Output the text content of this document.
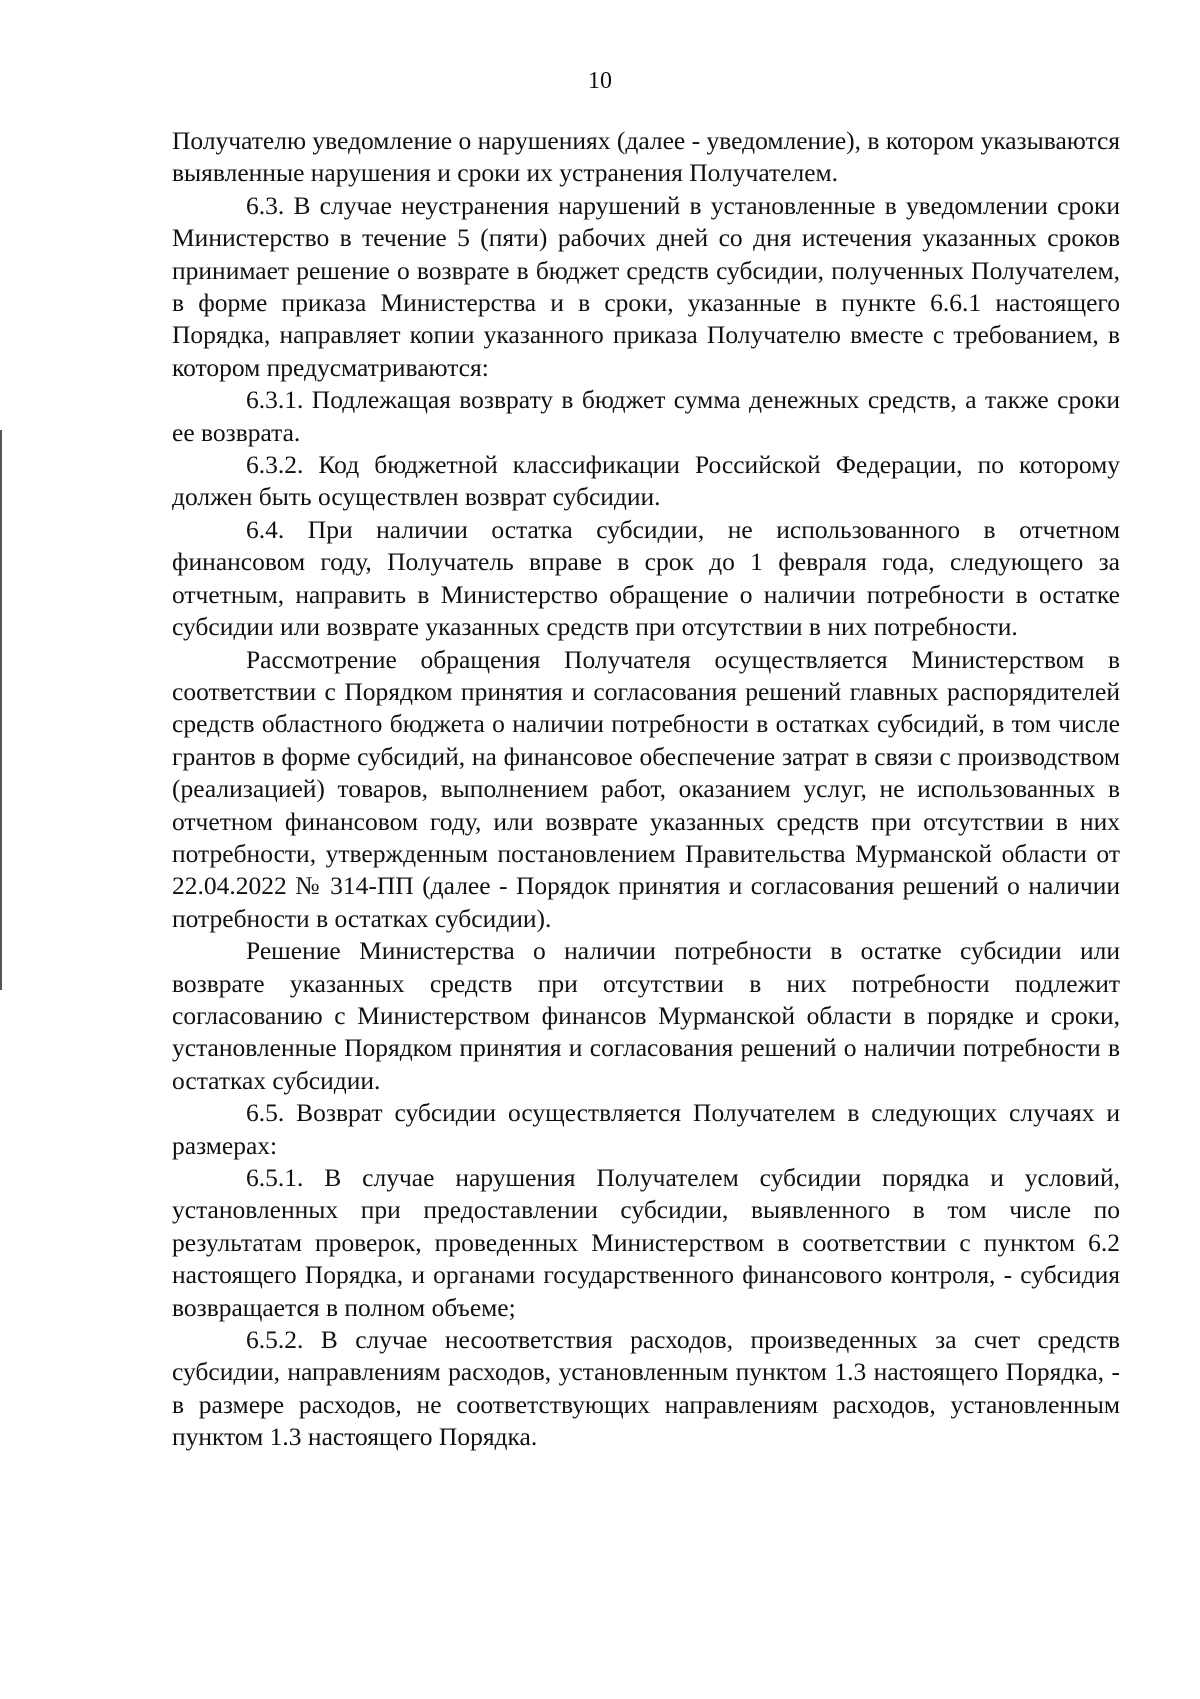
10

Получателю уведомление о нарушениях (далее - уведомление), в котором указываются выявленные нарушения и сроки их устранения Получателем.

6.3. В случае неустранения нарушений в установленные в уведомлении сроки Министерство в течение 5 (пяти) рабочих дней со дня истечения указанных сроков принимает решение о возврате в бюджет средств субсидии, полученных Получателем, в форме приказа Министерства и в сроки, указанные в пункте 6.6.1 настоящего Порядка, направляет копии указанного приказа Получателю вместе с требованием, в котором предусматриваются:

6.3.1. Подлежащая возврату в бюджет сумма денежных средств, а также сроки ее возврата.

6.3.2. Код бюджетной классификации Российской Федерации, по которому должен быть осуществлен возврат субсидии.

6.4. При наличии остатка субсидии, не использованного в отчетном финансовом году, Получатель вправе в срок до 1 февраля года, следующего за отчетным, направить в Министерство обращение о наличии потребности в остатке субсидии или возврате указанных средств при отсутствии в них потребности.

Рассмотрение обращения Получателя осуществляется Министерством в соответствии с Порядком принятия и согласования решений главных распорядителей средств областного бюджета о наличии потребности в остатках субсидий, в том числе грантов в форме субсидий, на финансовое обеспечение затрат в связи с производством (реализацией) товаров, выполнением работ, оказанием услуг, не использованных в отчетном финансовом году, или возврате указанных средств при отсутствии в них потребности, утвержденным постановлением Правительства Мурманской области от 22.04.2022 № 314-ПП (далее - Порядок принятия и согласования решений о наличии потребности в остатках субсидии).

Решение Министерства о наличии потребности в остатке субсидии или возврате указанных средств при отсутствии в них потребности подлежит согласованию с Министерством финансов Мурманской области в порядке и сроки, установленные Порядком принятия и согласования решений о наличии потребности в остатках субсидии.

6.5. Возврат субсидии осуществляется Получателем в следующих случаях и размерах:

6.5.1. В случае нарушения Получателем субсидии порядка и условий, установленных при предоставлении субсидии, выявленного в том числе по результатам проверок, проведенных Министерством в соответствии с пунктом 6.2 настоящего Порядка, и органами государственного финансового контроля, - субсидия возвращается в полном объеме;

6.5.2. В случае несоответствия расходов, произведенных за счет средств субсидии, направлениям расходов, установленным пунктом 1.3 настоящего Порядка, - в размере расходов, не соответствующих направлениям расходов, установленным пунктом 1.3 настоящего Порядка.
